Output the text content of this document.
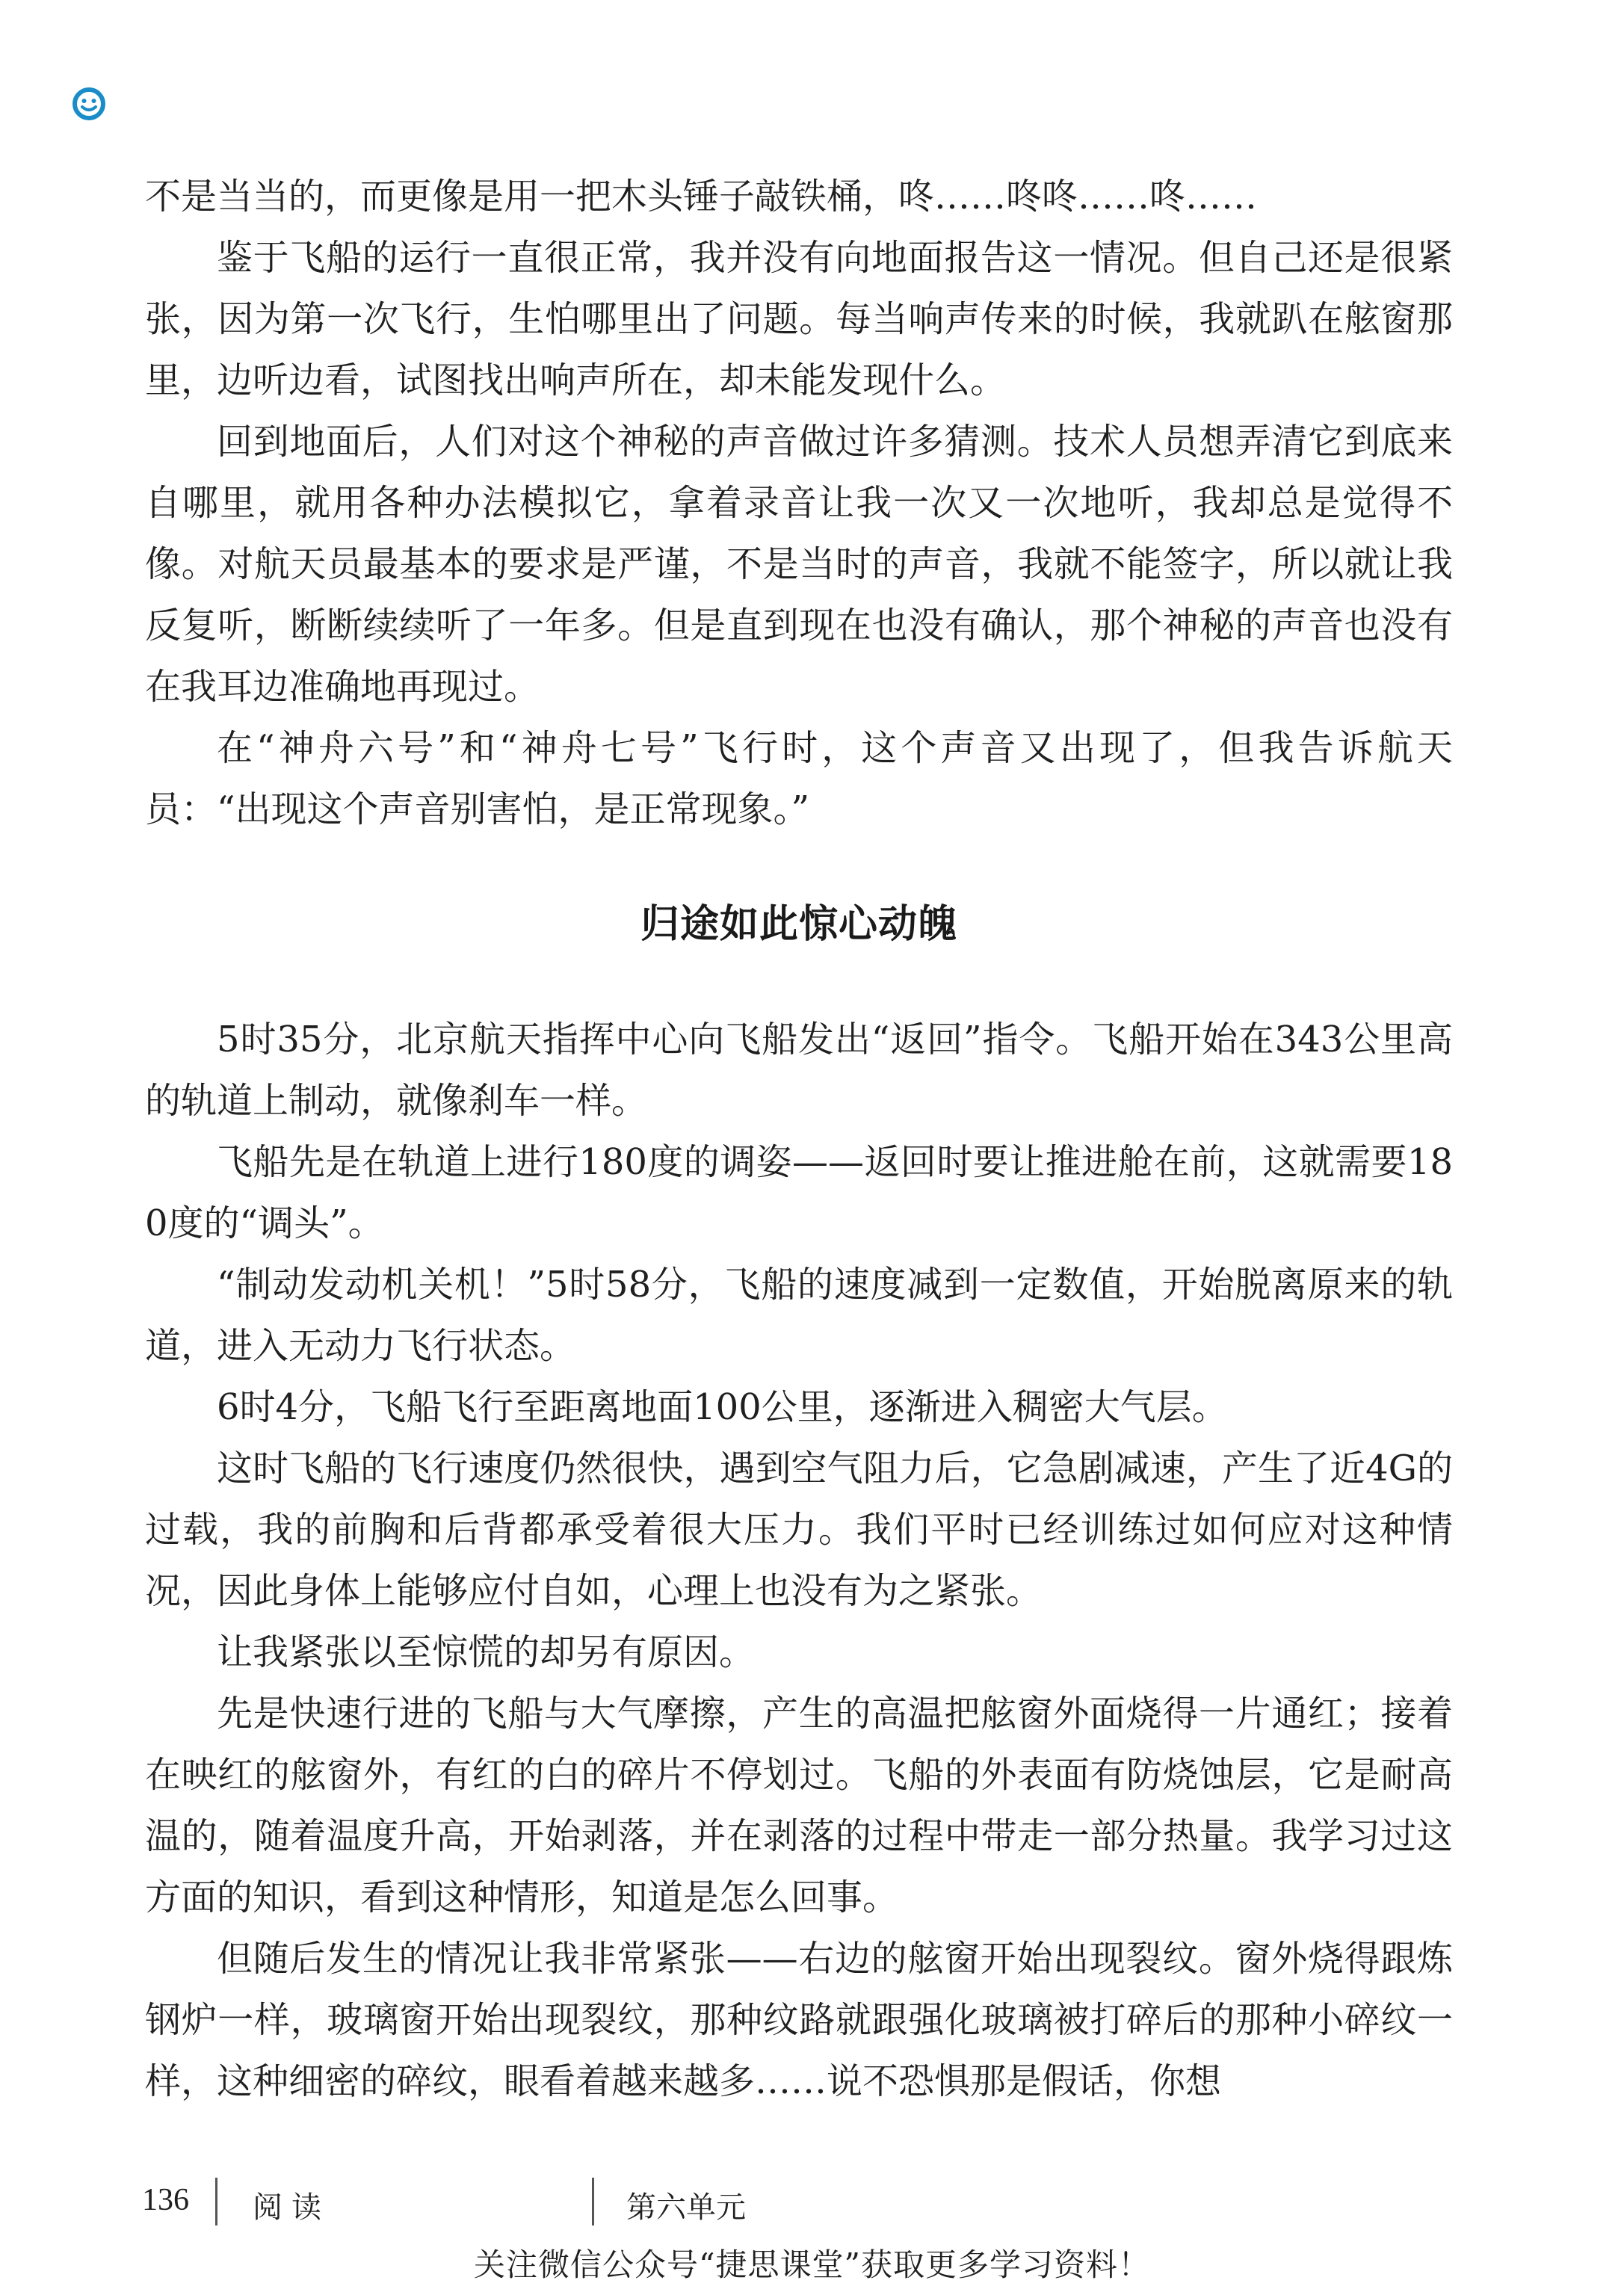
不是当当的，而更像是用一把木头锤子敲铁桶，咚……咚咚……咚……

鉴于飞船的运行一直很正常，我并没有向地面报告这一情况。但自己还是很紧张，因为第一次飞行，生怕哪里出了问题。每当响声传来的时候，我就趴在舷窗那里，边听边看，试图找出响声所在，却未能发现什么。

回到地面后，人们对这个神秘的声音做过许多猜测。技术人员想弄清它到底来自哪里，就用各种办法模拟它，拿着录音让我一次又一次地听，我却总是觉得不像。对航天员最基本的要求是严谨，不是当时的声音，我就不能签字，所以就让我反复听，断断续续听了一年多。但是直到现在也没有确认，那个神秘的声音也没有在我耳边准确地再现过。

在“神舟六号”和“神舟七号”飞行时，这个声音又出现了，但我告诉航天员：“出现这个声音别害怕，是正常现象。”

归途如此惊心动魄

5时35分，北京航天指挥中心向飞船发出“返回”指令。飞船开始在343公里高的轨道上制动，就像刹车一样。

飞船先是在轨道上进行180度的调姿——返回时要让推进舱在前，这就需要180度的“调头”。

“制动发动机关机！”5时58分，飞船的速度减到一定数值，开始脱离原来的轨道，进入无动力飞行状态。

6时4分，飞船飞行至距离地面100公里，逐渐进入稠密大气层。

这时飞船的飞行速度仍然很快，遇到空气阻力后，它急剧减速，产生了近4G的过载，我的前胸和后背都承受着很大压力。我们平时已经训练过如何应对这种情况，因此身体上能够应付自如，心理上也没有为之紧张。

让我紧张以至惊慌的却另有原因。

先是快速行进的飞船与大气摩擦，产生的高温把舷窗外面烧得一片通红；接着在映红的舷窗外，有红的白的碎片不停划过。飞船的外表面有防烧蚀层，它是耐高温的，随着温度升高，开始剥落，并在剥落的过程中带走一部分热量。我学习过这方面的知识，看到这种情形，知道是怎么回事。

但随后发生的情况让我非常紧张——右边的舷窗开始出现裂纹。窗外烧得跟炼钢炉一样，玻璃窗开始出现裂纹，那种纹路就跟强化玻璃被打碎后的那种小碎纹一样，这种细密的碎纹，眼看着越来越多……说不恐惧那是假话，你想

136 阅读	第六单元
关注微信公众号“捷思课堂”获取更多学习资料！
